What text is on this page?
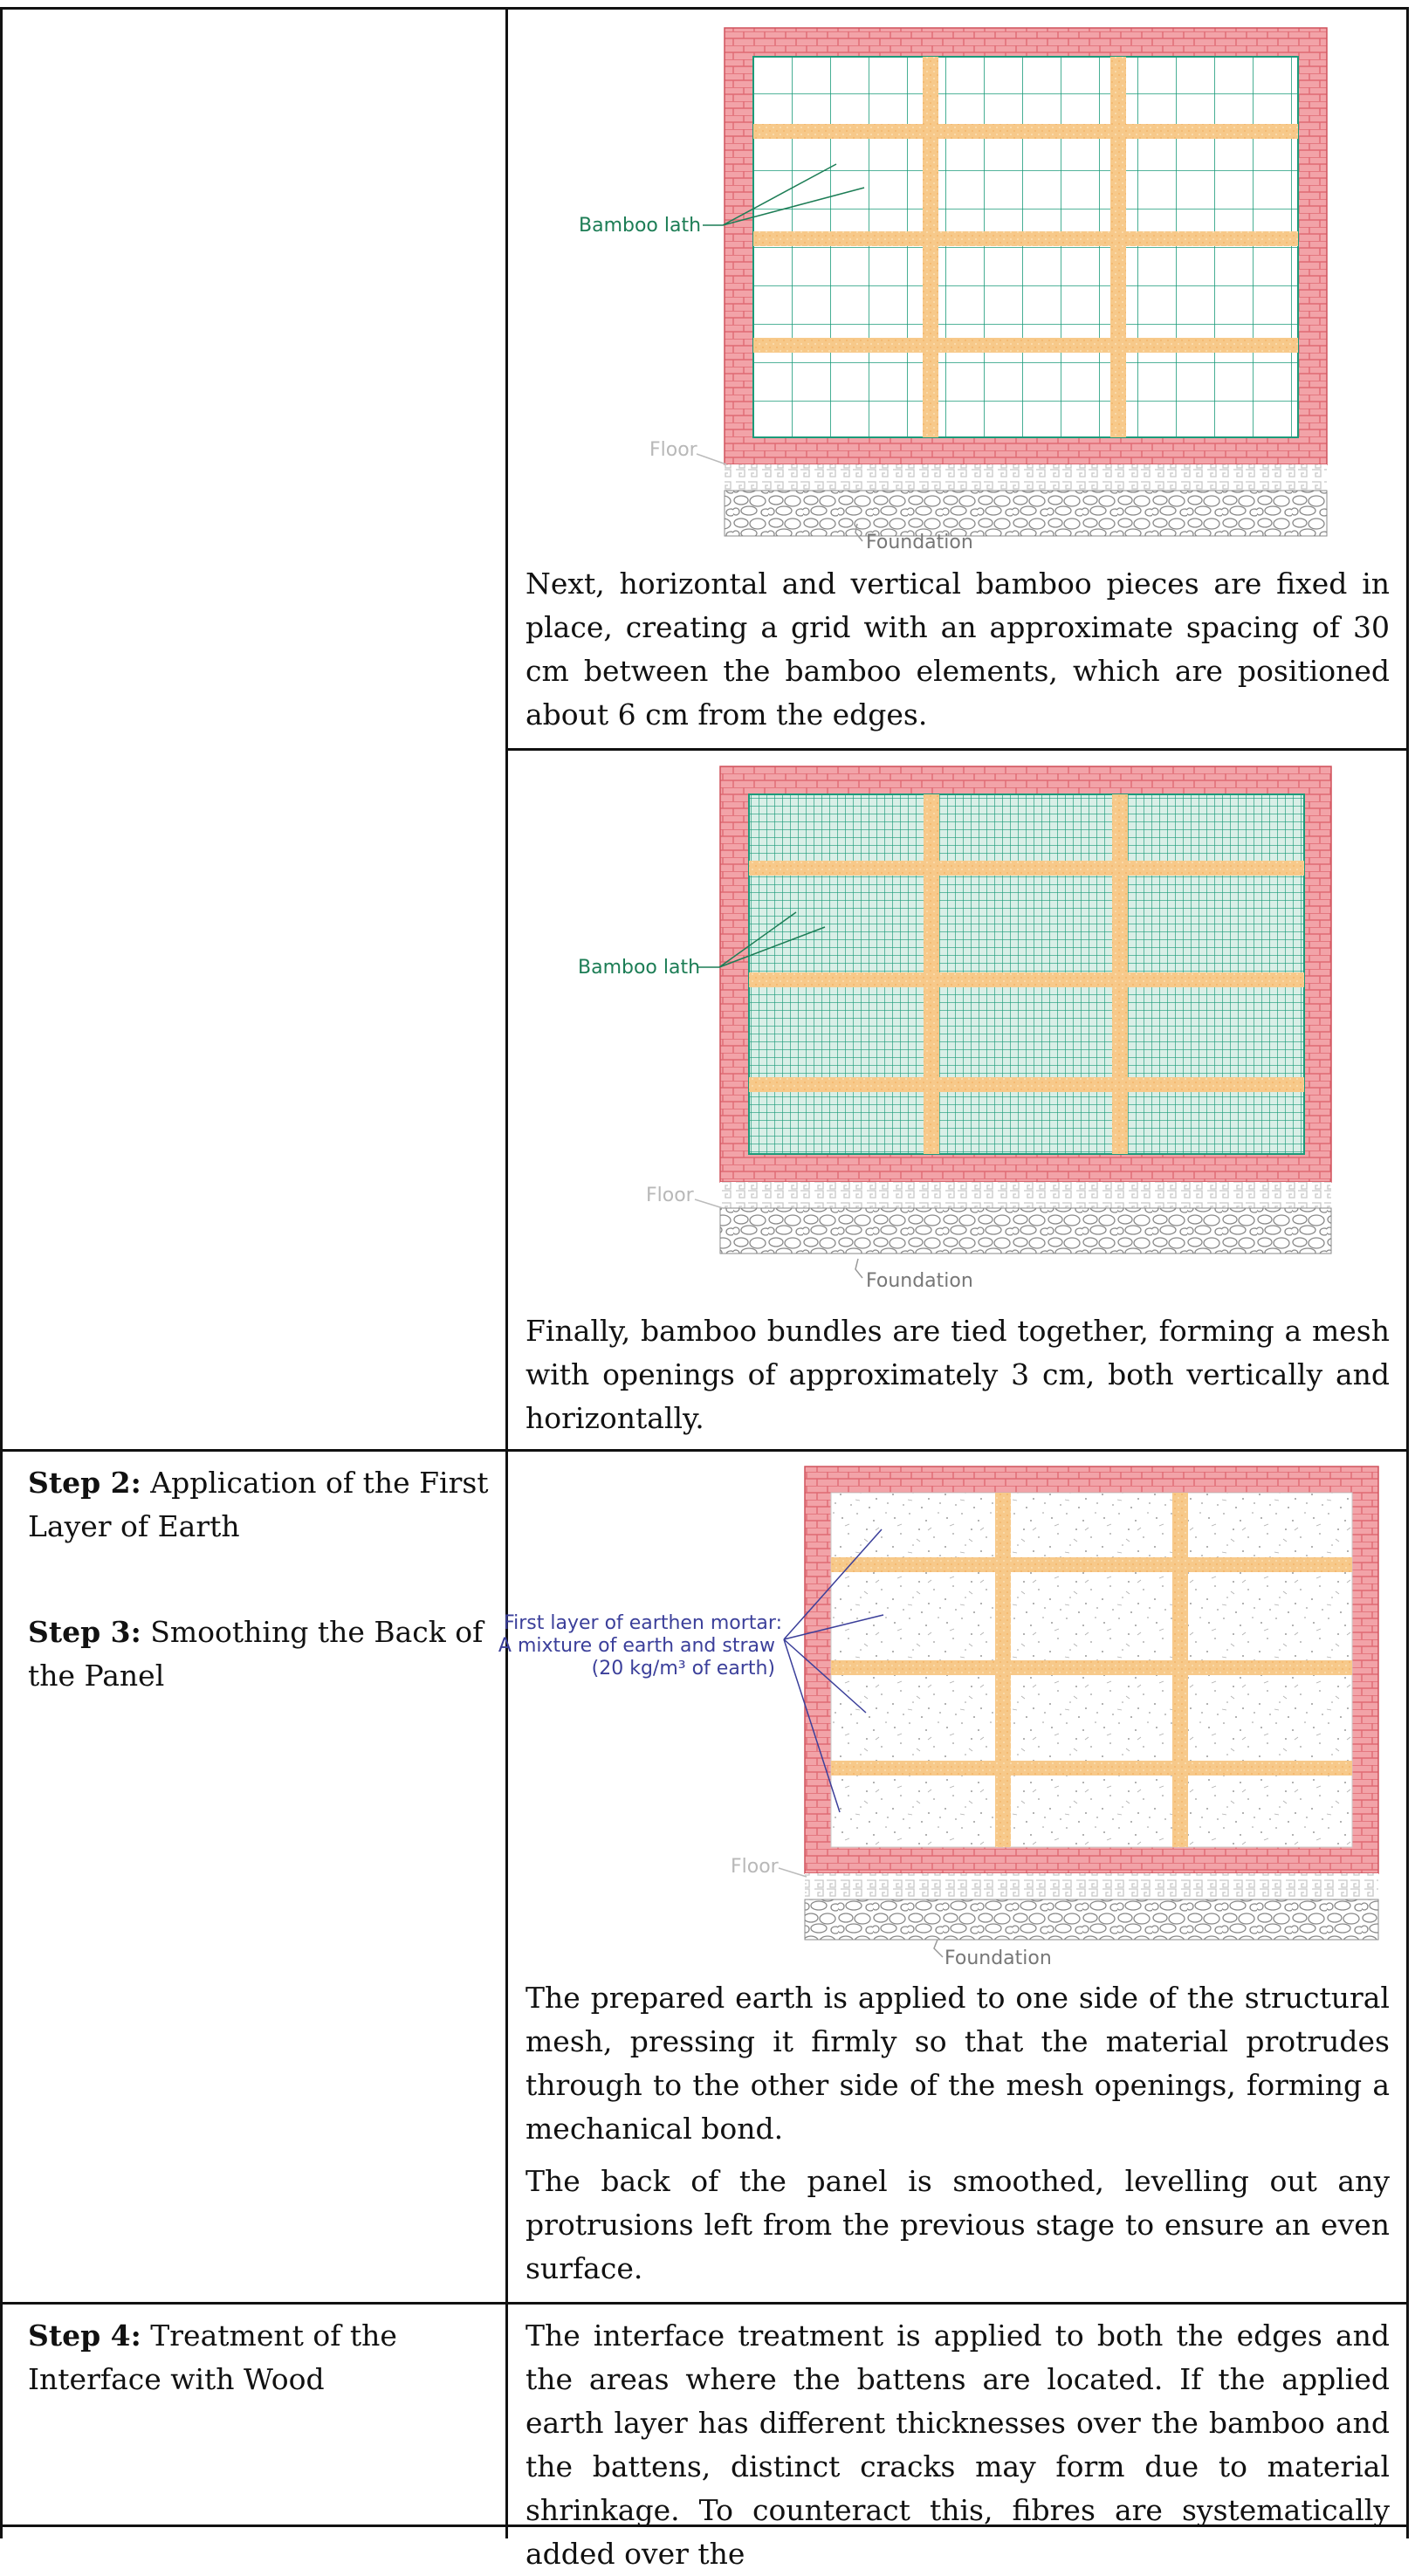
Bamboo lath
Floor
Foundation

Next, horizontal and vertical bamboo pieces are fixed in place, creating a grid with an approximate spacing of 30 cm between the bamboo elements, which are positioned about 6 cm from the edges.

Bamboo lath
Floor
Foundation

Finally, bamboo bundles are tied together, forming a mesh with openings of approximately 3 cm, both vertically and horizontally.

Step 2: Application of the First Layer of Earth

Step 3: Smoothing the Back of the Panel

First layer of earthen mortar:
A mixture of earth and straw
(20 kg/m³ of earth)
Floor
Foundation

The prepared earth is applied to one side of the structural mesh, pressing it firmly so that the material protrudes through to the other side of the mesh openings, forming a mechanical bond.

The back of the panel is smoothed, levelling out any protrusions left from the previous stage to ensure an even surface.

Step 4: Treatment of the Interface with Wood

The interface treatment is applied to both the edges and the areas where the battens are located. If the applied earth layer has different thicknesses over the bamboo and the battens, distinct cracks may form due to material shrinkage. To counteract this, fibres are systematically added over the
